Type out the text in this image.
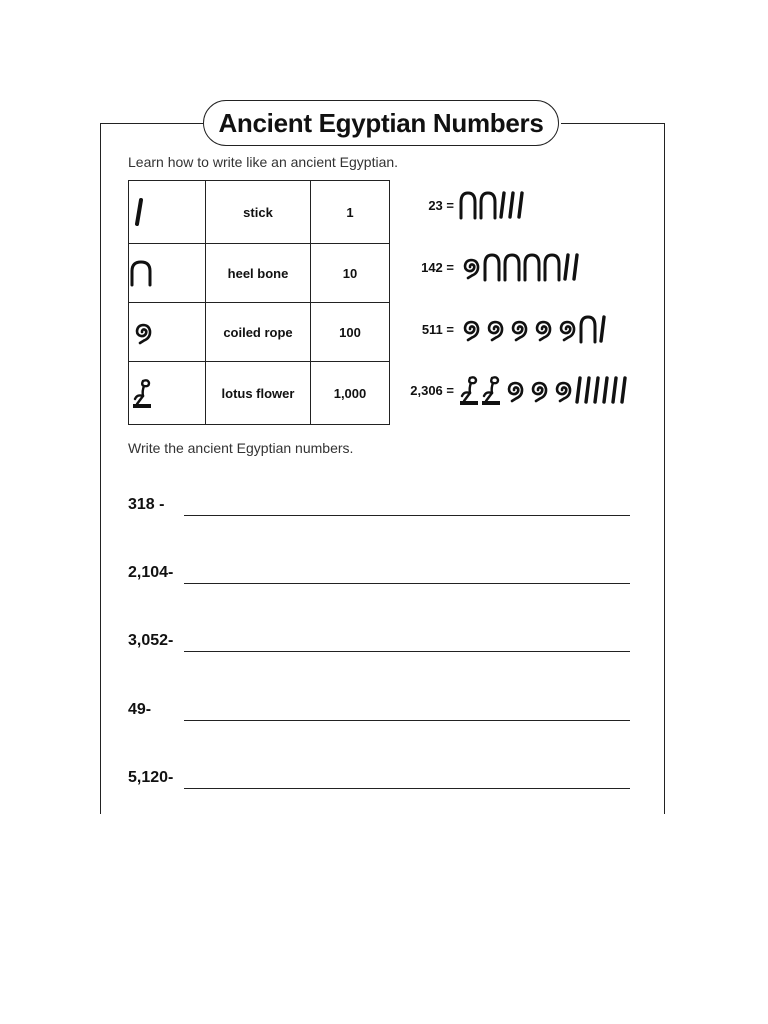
Ancient Egyptian Numbers
Learn how to write like an ancient Egyptian.
	stick	1

	heel bone	10

	coiled rope	100

	lotus flower	1,000
23 =
142 =
511 =
2,306 =
Write the ancient Egyptian numbers.
318 -
2,104-
3,052-
49-
5,120-
